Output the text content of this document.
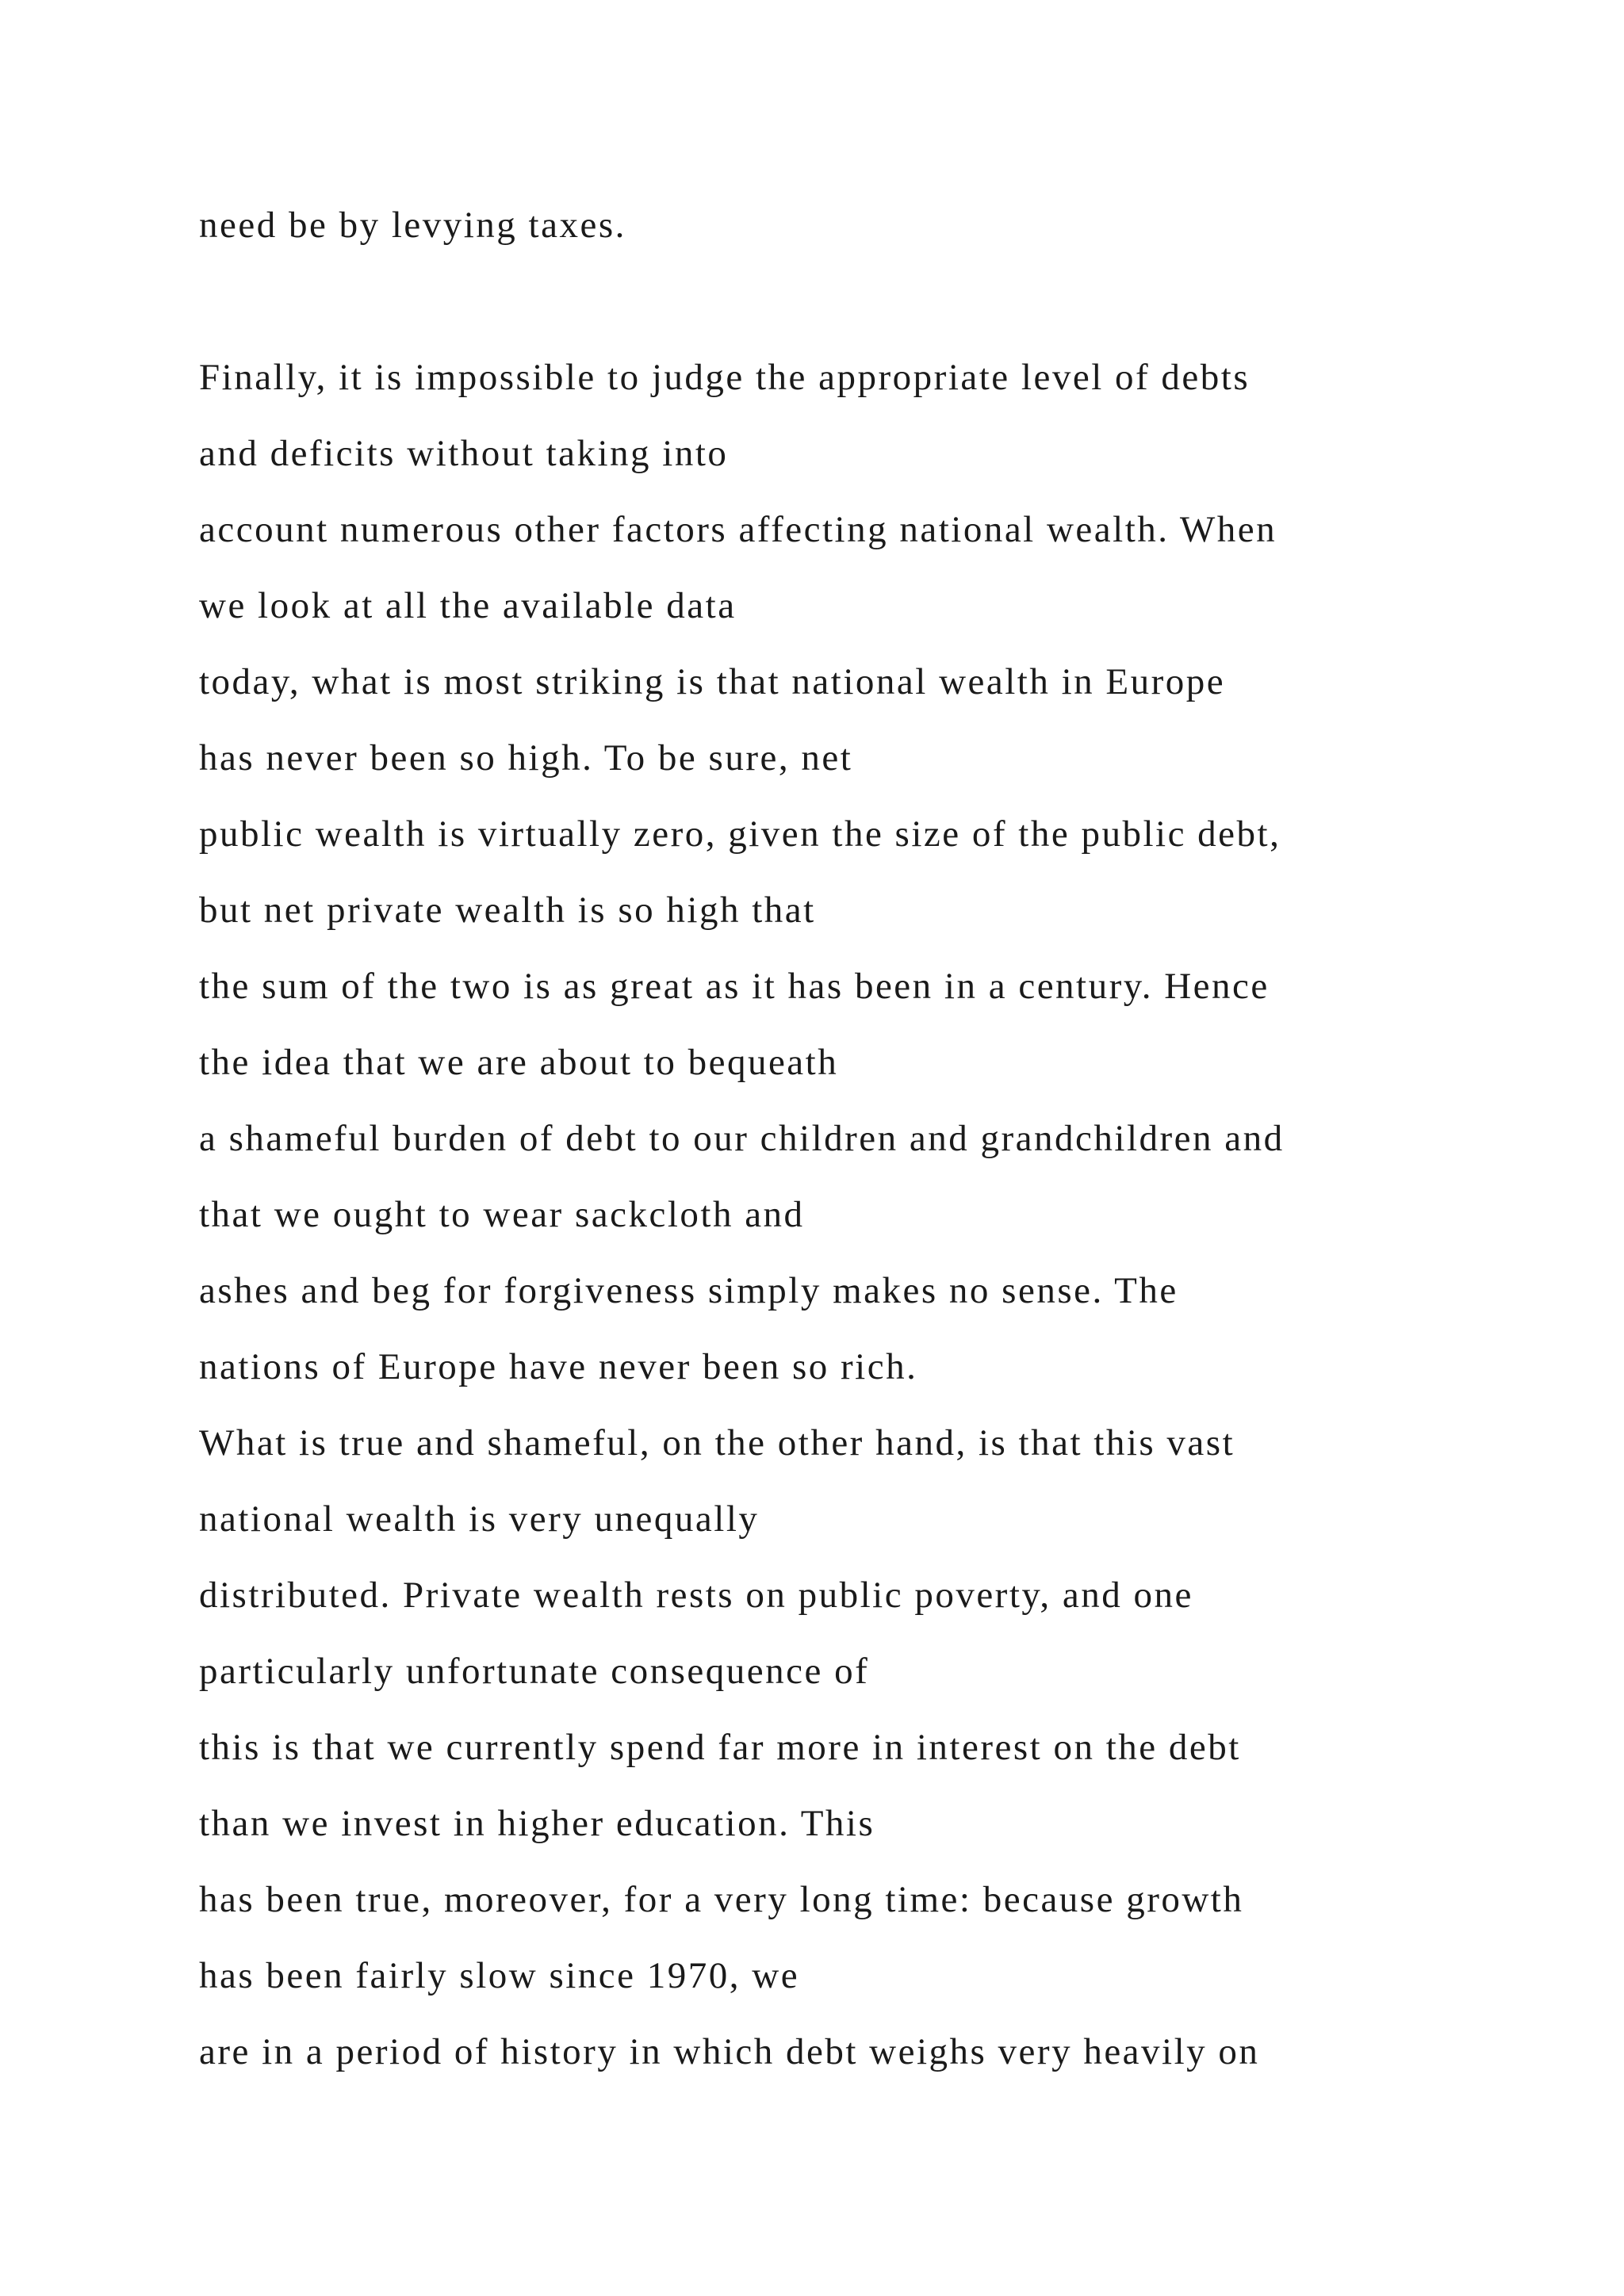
need be by levying taxes.
Finally, it is impossible to judge the appropriate level of debts
and deficits without taking into
account numerous other factors affecting national wealth. When
we look at all the available data
today, what is most striking is that national wealth in Europe
has never been so high. To be sure, net
public wealth is virtually zero, given the size of the public debt,
but net private wealth is so high that
the sum of the two is as great as it has been in a century. Hence
the idea that we are about to bequeath
a shameful burden of debt to our children and grandchildren and
that we ought to wear sackcloth and
ashes and beg for forgiveness simply makes no sense. The
nations of Europe have never been so rich.
What is true and shameful, on the other hand, is that this vast
national wealth is very unequally
distributed. Private wealth rests on public poverty, and one
particularly unfortunate consequence of
this is that we currently spend far more in interest on the debt
than we invest in higher education. This
has been true, moreover, for a very long time: because growth
has been fairly slow since 1970, we
are in a period of history in which debt weighs very heavily on
